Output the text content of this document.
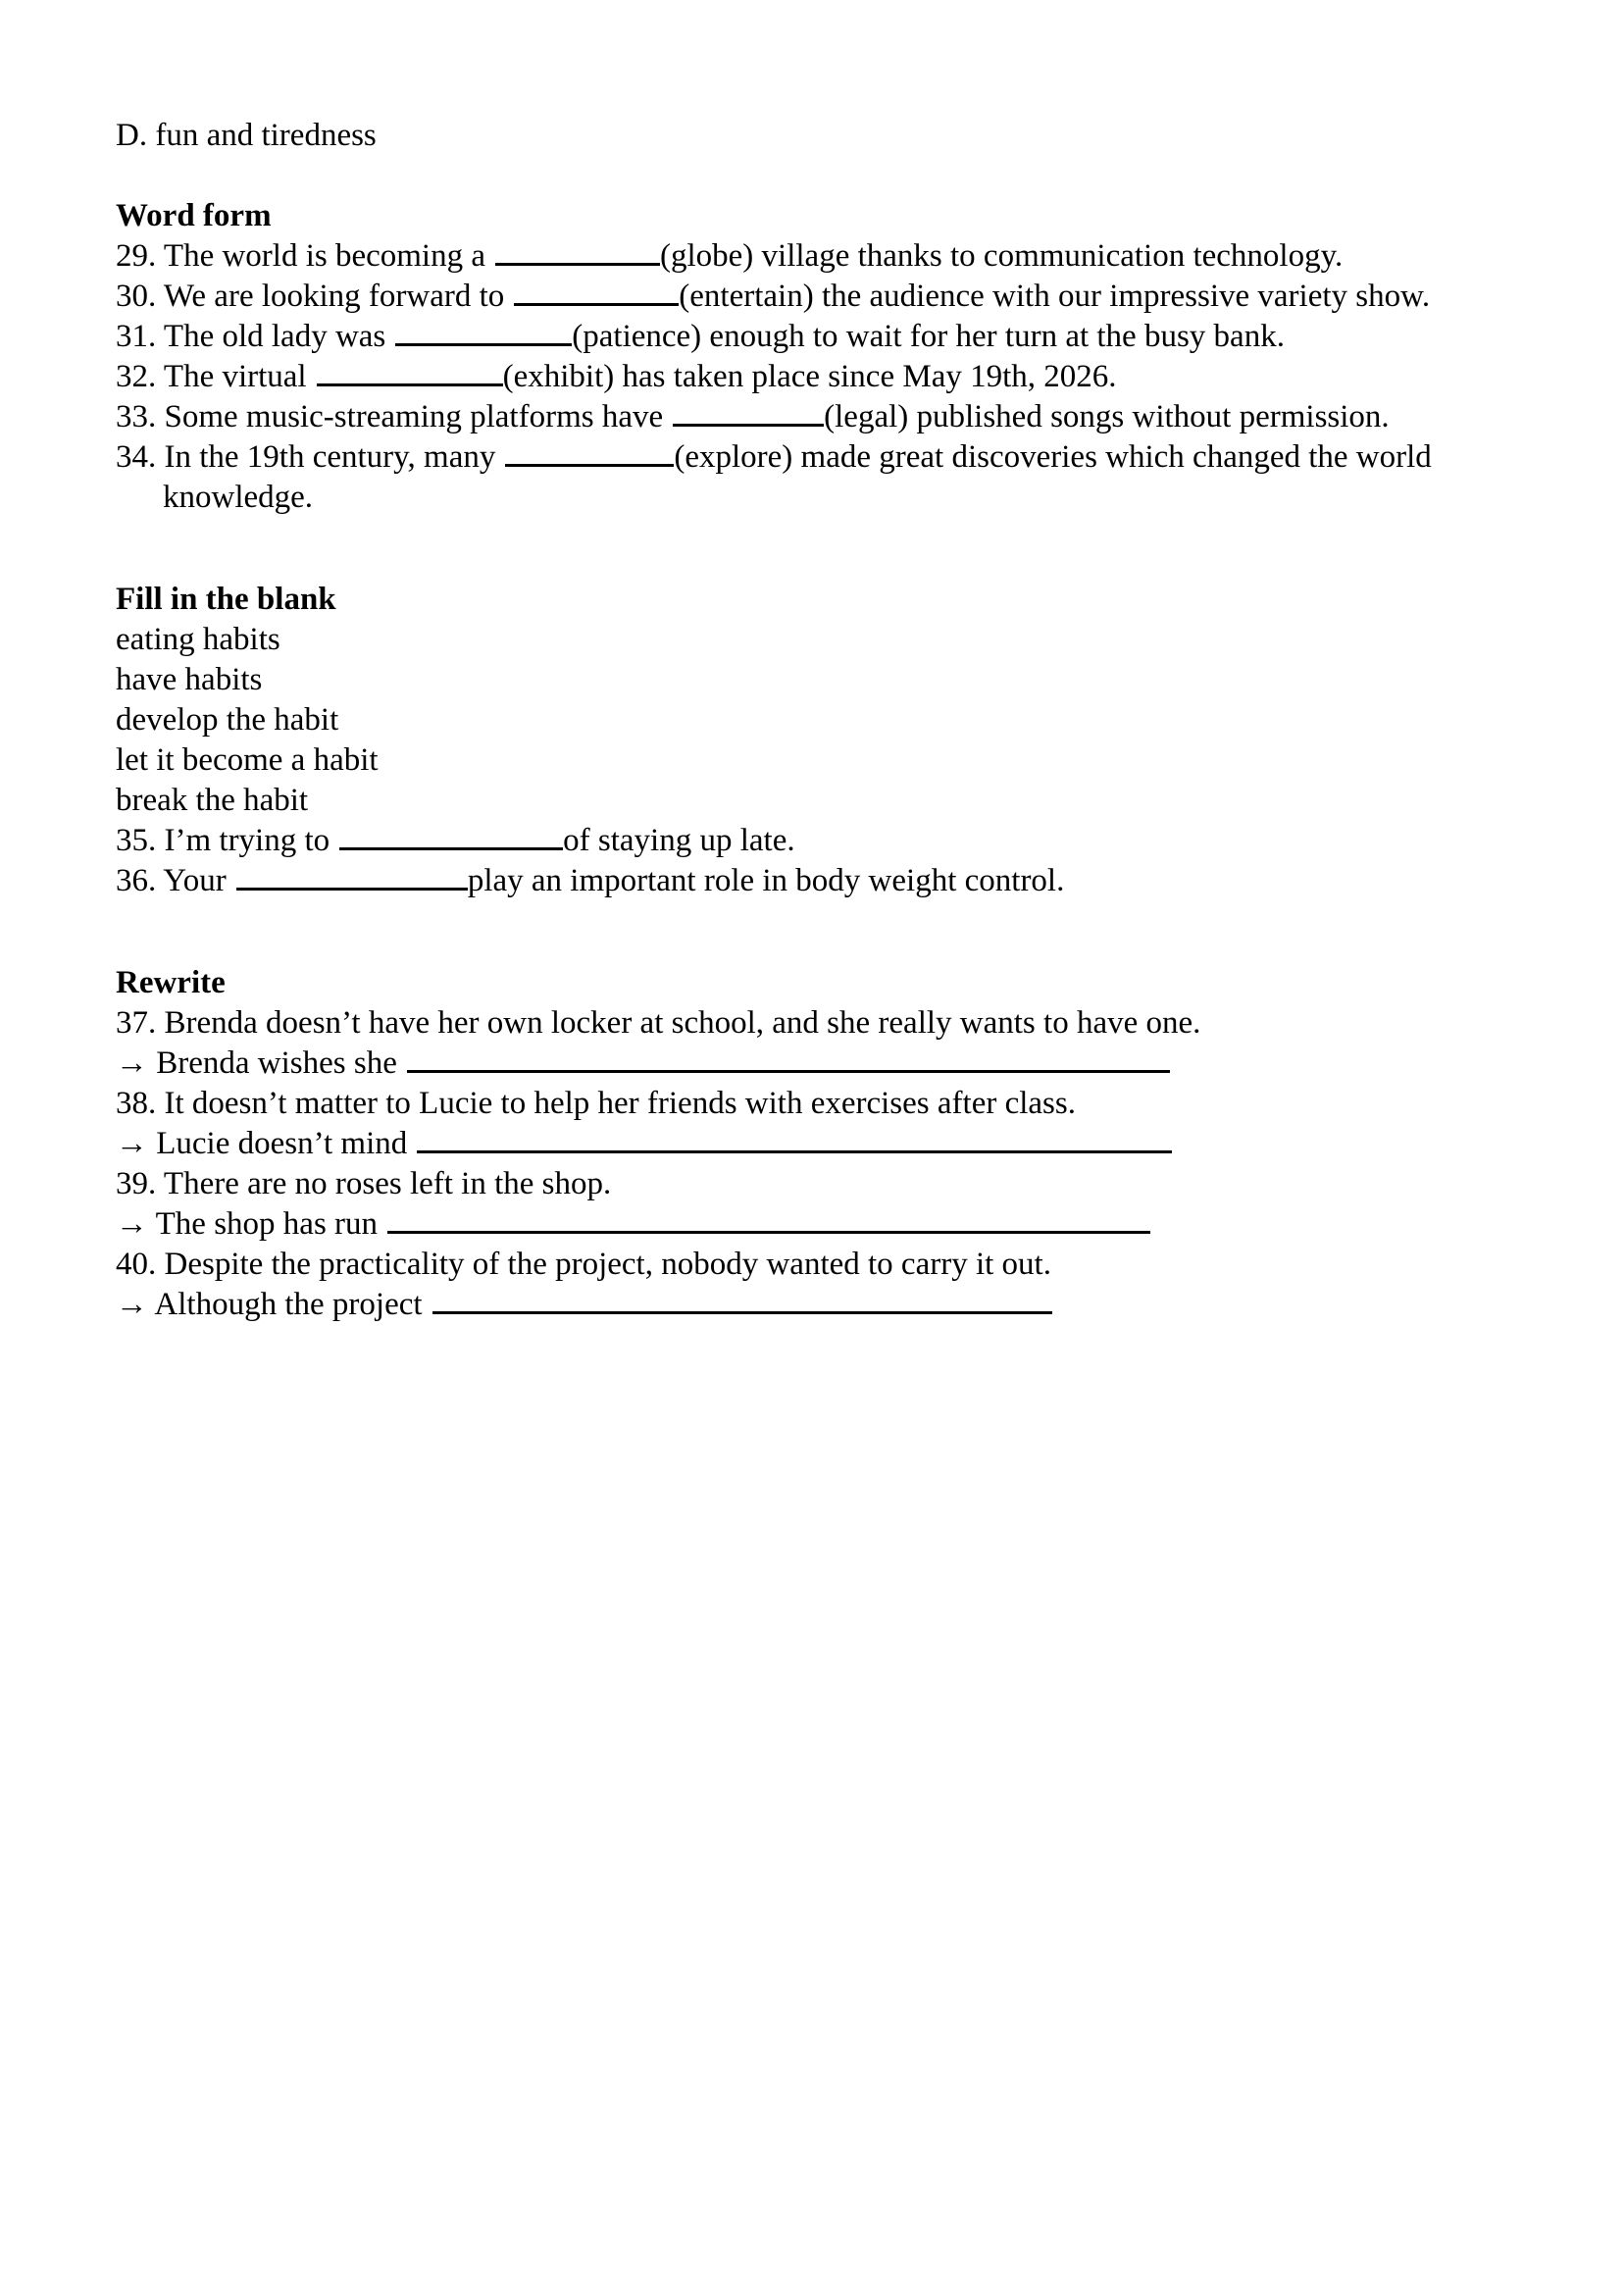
D. fun and tiredness
Word form
29. The world is becoming a	(globe) village thanks to communication technology.
30. We are looking forward to	(entertain) the audience with our impressive variety show.
31. The old lady was	(patience) enough to wait for her turn at the busy bank.
32. The virtual	(exhibit) has taken place since May 19th, 2026.
33. Some music-streaming platforms have	(legal) published songs without permission.
34. In the 19th century, many	(explore) made great discoveries which changed the world
knowledge.
Fill in the blank
eating habits
have habits
develop the habit
let it become a habit
break the habit
35. I’m trying to	of staying up late.
36. Your	play an important role in body weight control.
Rewrite
37. Brenda doesn’t have her own locker at school, and she really wants to have one.
→ Brenda wishes she
38. It doesn’t matter to Lucie to help her friends with exercises after class.
→ Lucie doesn’t mind
39. There are no roses left in the shop.
→ The shop has run
40. Despite the practicality of the project, nobody wanted to carry it out.
→ Although the project
